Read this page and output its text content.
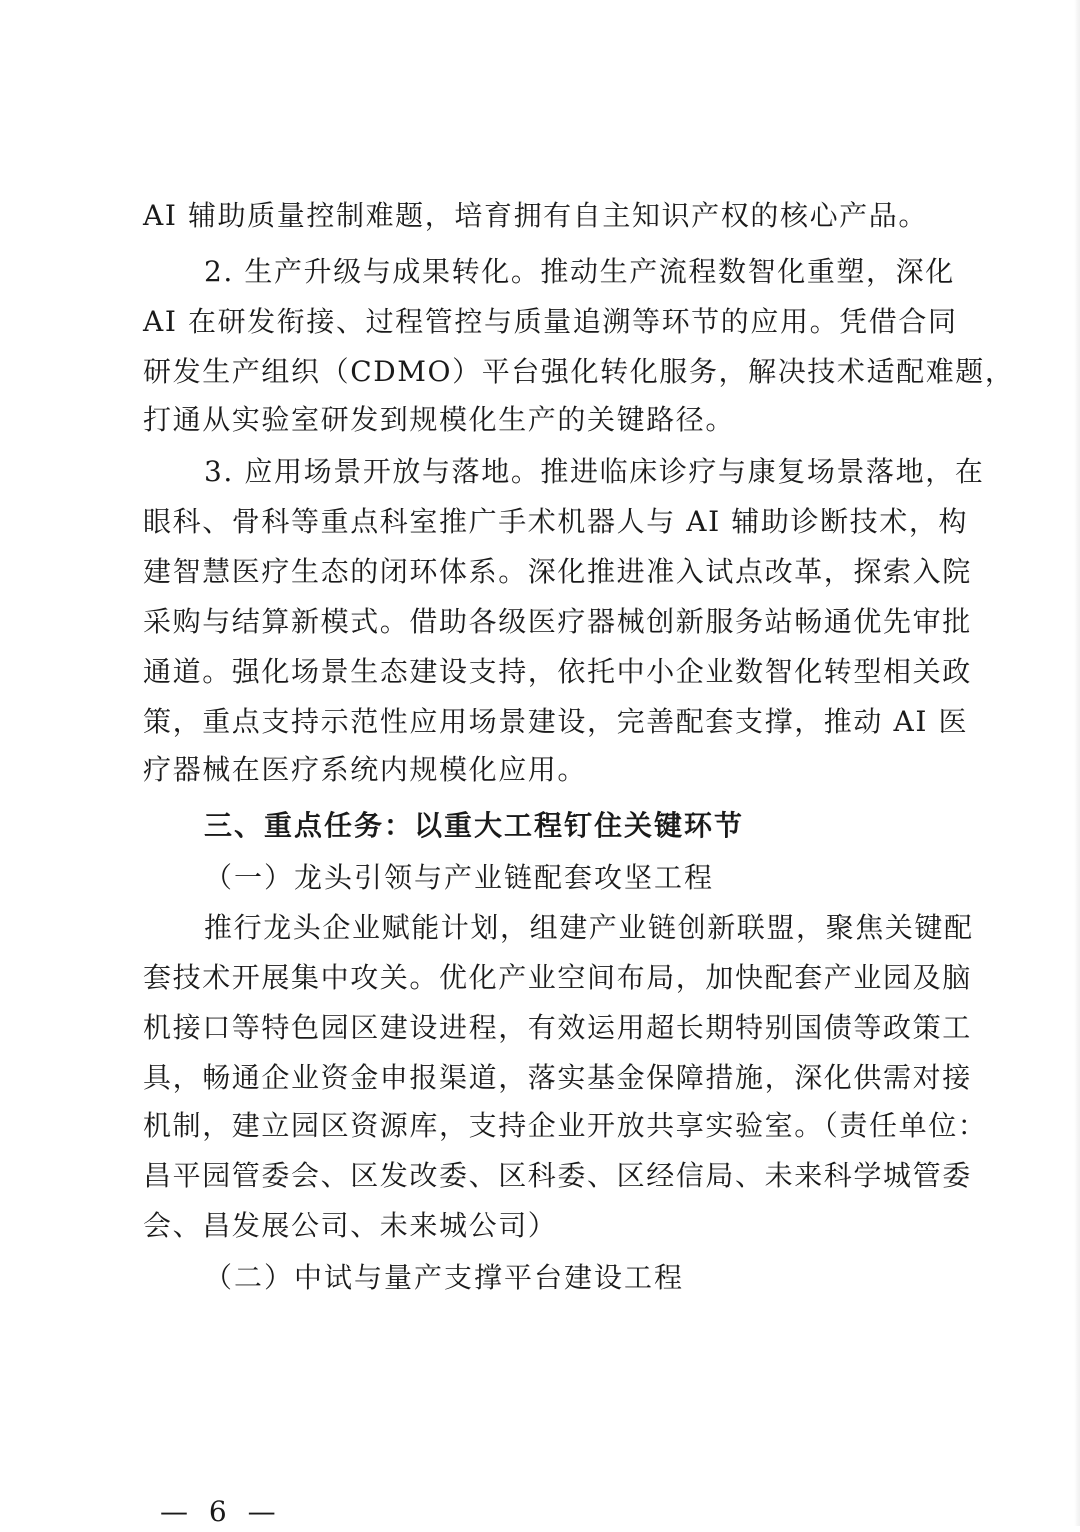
AI 辅助质量控制难题，培育拥有自主知识产权的核心产品。
2. 生产升级与成果转化。推动生产流程数智化重塑，深化
AI 在研发衔接、过程管控与质量追溯等环节的应用。凭借合同
研发生产组织（CDMO）平台强化转化服务，解决技术适配难题，
打通从实验室研发到规模化生产的关键路径。
3. 应用场景开放与落地。推进临床诊疗与康复场景落地，在
眼科、骨科等重点科室推广手术机器人与 AI 辅助诊断技术，构
建智慧医疗生态的闭环体系。深化推进准入试点改革，探索入院
采购与结算新模式。借助各级医疗器械创新服务站畅通优先审批
通道。强化场景生态建设支持，依托中小企业数智化转型相关政
策，重点支持示范性应用场景建设，完善配套支撑，推动 AI 医
疗器械在医疗系统内规模化应用。
三、重点任务：以重大工程钉住关键环节
（一）龙头引领与产业链配套攻坚工程
推行龙头企业赋能计划，组建产业链创新联盟，聚焦关键配
套技术开展集中攻关。优化产业空间布局，加快配套产业园及脑
机接口等特色园区建设进程，有效运用超长期特别国债等政策工
具，畅通企业资金申报渠道，落实基金保障措施，深化供需对接
机制，建立园区资源库，支持企业开放共享实验室。（责任单位：
昌平园管委会、区发改委、区科委、区经信局、未来科学城管委
会、昌发展公司、未来城公司）
（二）中试与量产支撑平台建设工程
— 6 —
